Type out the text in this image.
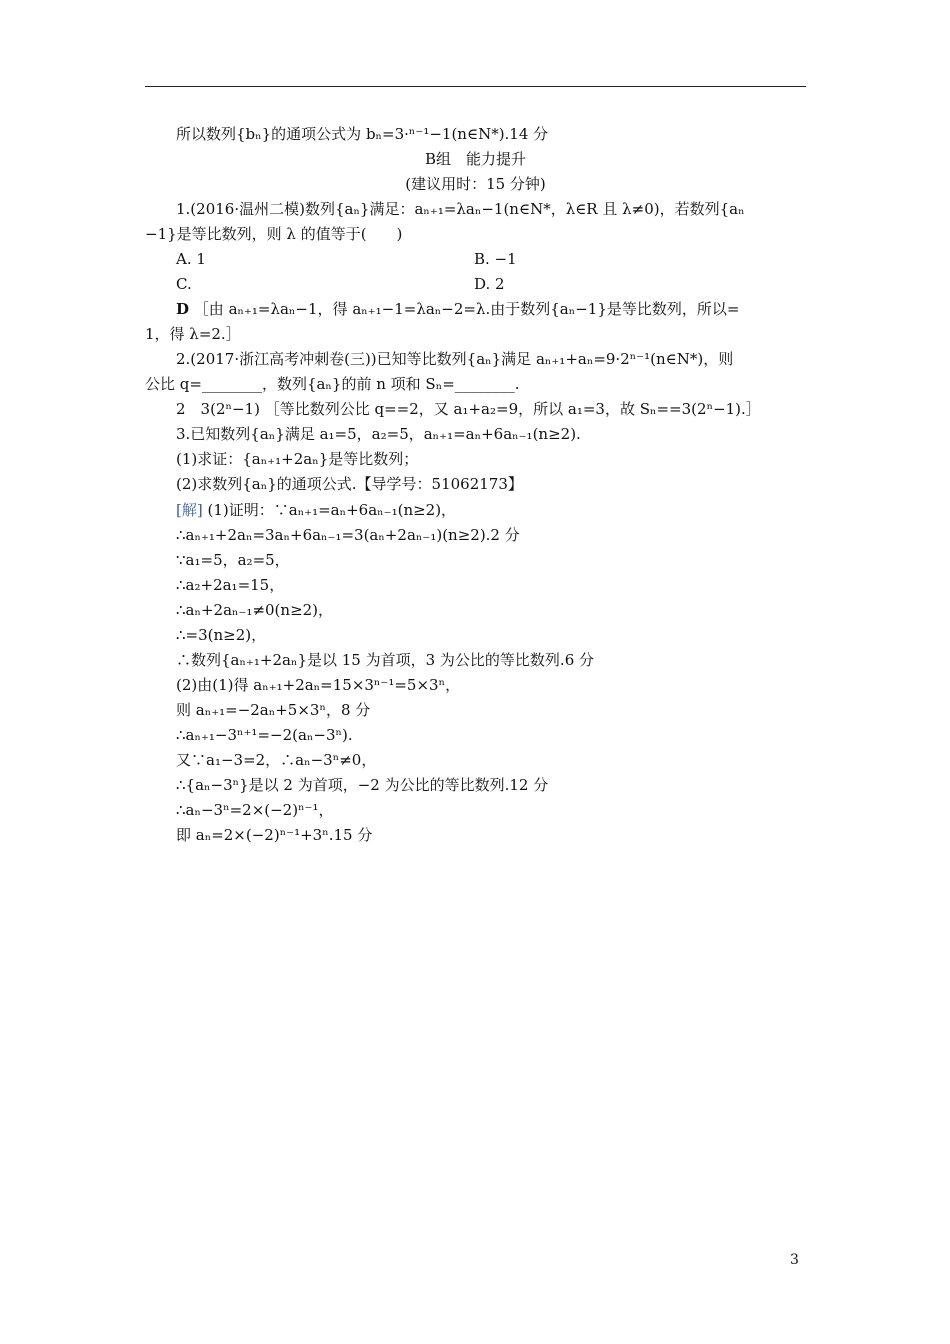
所以数列{bₙ}的通项公式为 bₙ=3·ⁿ⁻¹−1(n∈N*).14 分
B组　能力提升
(建议用时：15 分钟)
1.(2016·温州二模)数列{aₙ}满足：aₙ₊₁=λaₙ−1(n∈N*，λ∈R 且 λ≠0)，若数列{aₙ
−1}是等比数列，则 λ 的值等于(　　)
A. 1	B. −1
C.	D. 2
D ［由 aₙ₊₁=λaₙ−1，得 aₙ₊₁−1=λaₙ−2=λ.由于数列{aₙ−1}是等比数列，所以=
1，得 λ=2.］
2.(2017·浙江高考冲刺卷(三))已知等比数列{aₙ}满足 aₙ₊₁+aₙ=9·2ⁿ⁻¹(n∈N*)，则
公比 q=________，数列{aₙ}的前 n 项和 Sₙ=________.
2　3(2ⁿ−1) ［等比数列公比 q==2，又 a₁+a₂=9，所以 a₁=3，故 Sₙ==3(2ⁿ−1).］
3.已知数列{aₙ}满足 a₁=5，a₂=5，aₙ₊₁=aₙ+6aₙ₋₁(n≥2).
(1)求证：{aₙ₊₁+2aₙ}是等比数列；
(2)求数列{aₙ}的通项公式.【导学号：51062173】
[解] (1)证明：∵aₙ₊₁=aₙ+6aₙ₋₁(n≥2)，
∴aₙ₊₁+2aₙ=3aₙ+6aₙ₋₁=3(aₙ+2aₙ₋₁)(n≥2).2 分
∵a₁=5，a₂=5，
∴a₂+2a₁=15，
∴aₙ+2aₙ₋₁≠0(n≥2)，
∴=3(n≥2)，
∴数列{aₙ₊₁+2aₙ}是以 15 为首项，3 为公比的等比数列.6 分
(2)由(1)得 aₙ₊₁+2aₙ=15×3ⁿ⁻¹=5×3ⁿ，
则 aₙ₊₁=−2aₙ+5×3ⁿ，8 分
∴aₙ₊₁−3ⁿ⁺¹=−2(aₙ−3ⁿ).
又∵a₁−3=2，∴aₙ−3ⁿ≠0，
∴{aₙ−3ⁿ}是以 2 为首项，−2 为公比的等比数列.12 分
∴aₙ−3ⁿ=2×(−2)ⁿ⁻¹，
即 aₙ=2×(−2)ⁿ⁻¹+3ⁿ.15 分
3
